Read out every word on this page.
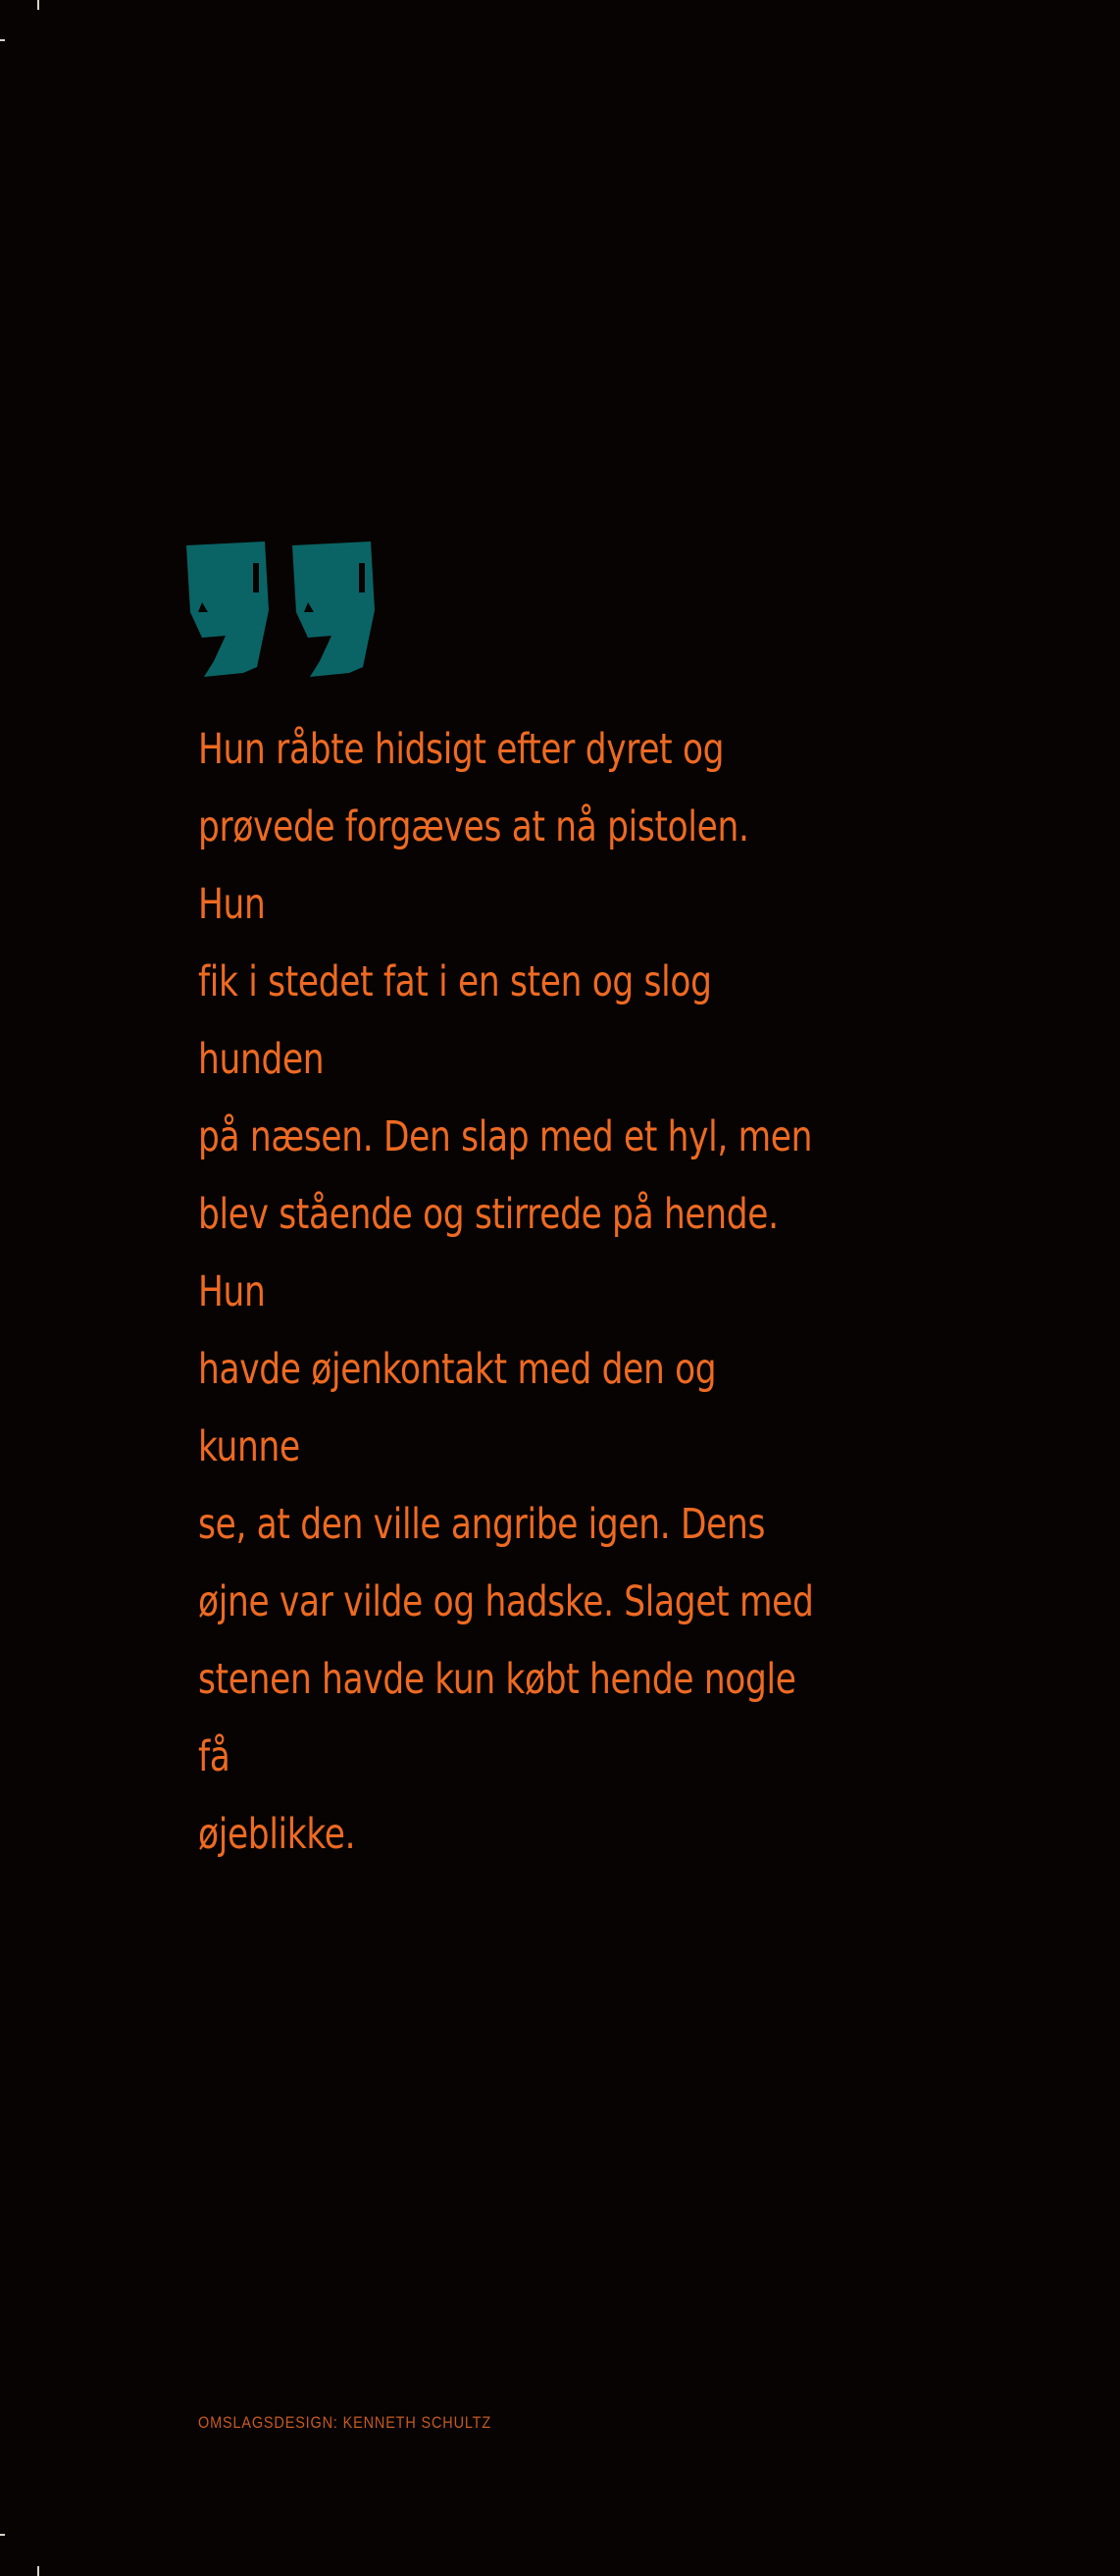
Hun råbte hidsigt efter dyret og
prøvede forgæves at nå pistolen. Hun
fik i stedet fat i en sten og slog hunden
på næsen. Den slap med et hyl, men
blev stående og stirrede på hende. Hun
havde øjenkontakt med den og kunne
se, at den ville angribe igen. Dens
øjne var vilde og hadske. Slaget med
stenen havde kun købt hende nogle få
øjeblikke.

OMSLAGSDESIGN: KENNETH SCHULTZ
